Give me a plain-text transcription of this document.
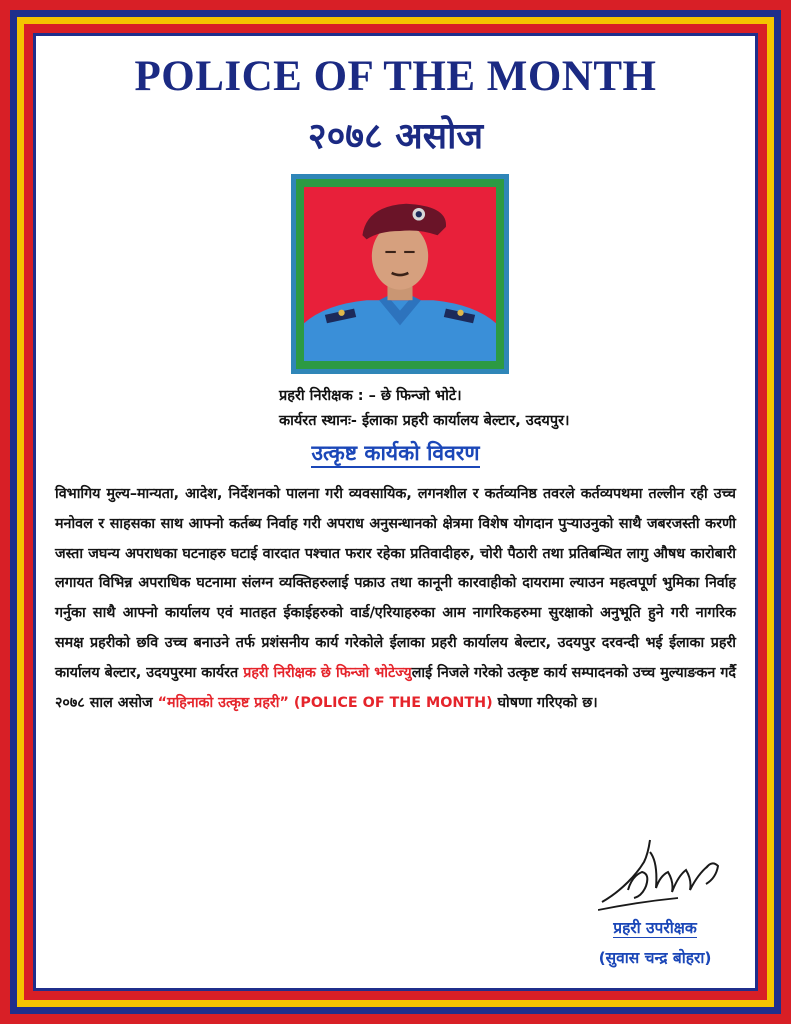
POLICE OF THE MONTH
२०७८ असोज
प्रहरी निरीक्षक : – छे फिन्जो भोटे।
कार्यरत स्थानः- ईलाका प्रहरी कार्यालय बेल्टार, उदयपुर।
उत्कृष्ट कार्यको विवरण

विभागिय मुल्य–मान्यता, आदेश, निर्देशनको पालना गरी व्यवसायिक, लगनशील र कर्तव्यनिष्ठ तवरले कर्तव्यपथमा तल्लीन रही उच्च मनोवल र साहसका साथ आफ्नो कर्तब्य निर्वाह गरी अपराध अनुसन्धानको क्षेत्रमा विशेष योगदान पुर्‍याउनुको साथै जबरजस्ती करणी जस्ता जघन्य अपराधका घटनाहरु घटाई वारदात पश्चात फरार रहेका प्रतिवादीहरु, चोरी पैठारी तथा प्रतिबन्धित लागु औषध कारोबारी लगायत विभिन्न अपराधिक घटनामा संलग्न व्यक्तिहरुलाई पक्राउ तथा कानूनी कारवाहीको दायरामा ल्याउन महत्वपूर्ण भुमिका निर्वाह गर्नुका साथै आफ्नो कार्यालय एवं मातहत ईकाईहरुको वार्ड/एरियाहरुका आम नागरिकहरुमा सुरक्षाको अनुभूति हुने गरी नागरिक समक्ष प्रहरीको छवि उच्च बनाउने तर्फ प्रशंसनीय कार्य गरेकोले ईलाका प्रहरी कार्यालय बेल्टार, उदयपुर दरवन्दी भई ईलाका प्रहरी कार्यालय बेल्टार, उदयपुरमा कार्यरत प्रहरी निरीक्षक छे फिन्जो भोटेज्युलाई निजले गरेको उत्कृष्ट कार्य सम्पादनको उच्च मुल्याङकन गर्दै २०७८ साल असोज “महिनाको उत्कृष्ट प्रहरी” (POLICE OF THE MONTH) घोषणा गरिएको छ।

प्रहरी उपरीक्षक
(सुवास चन्द्र बोहरा)
